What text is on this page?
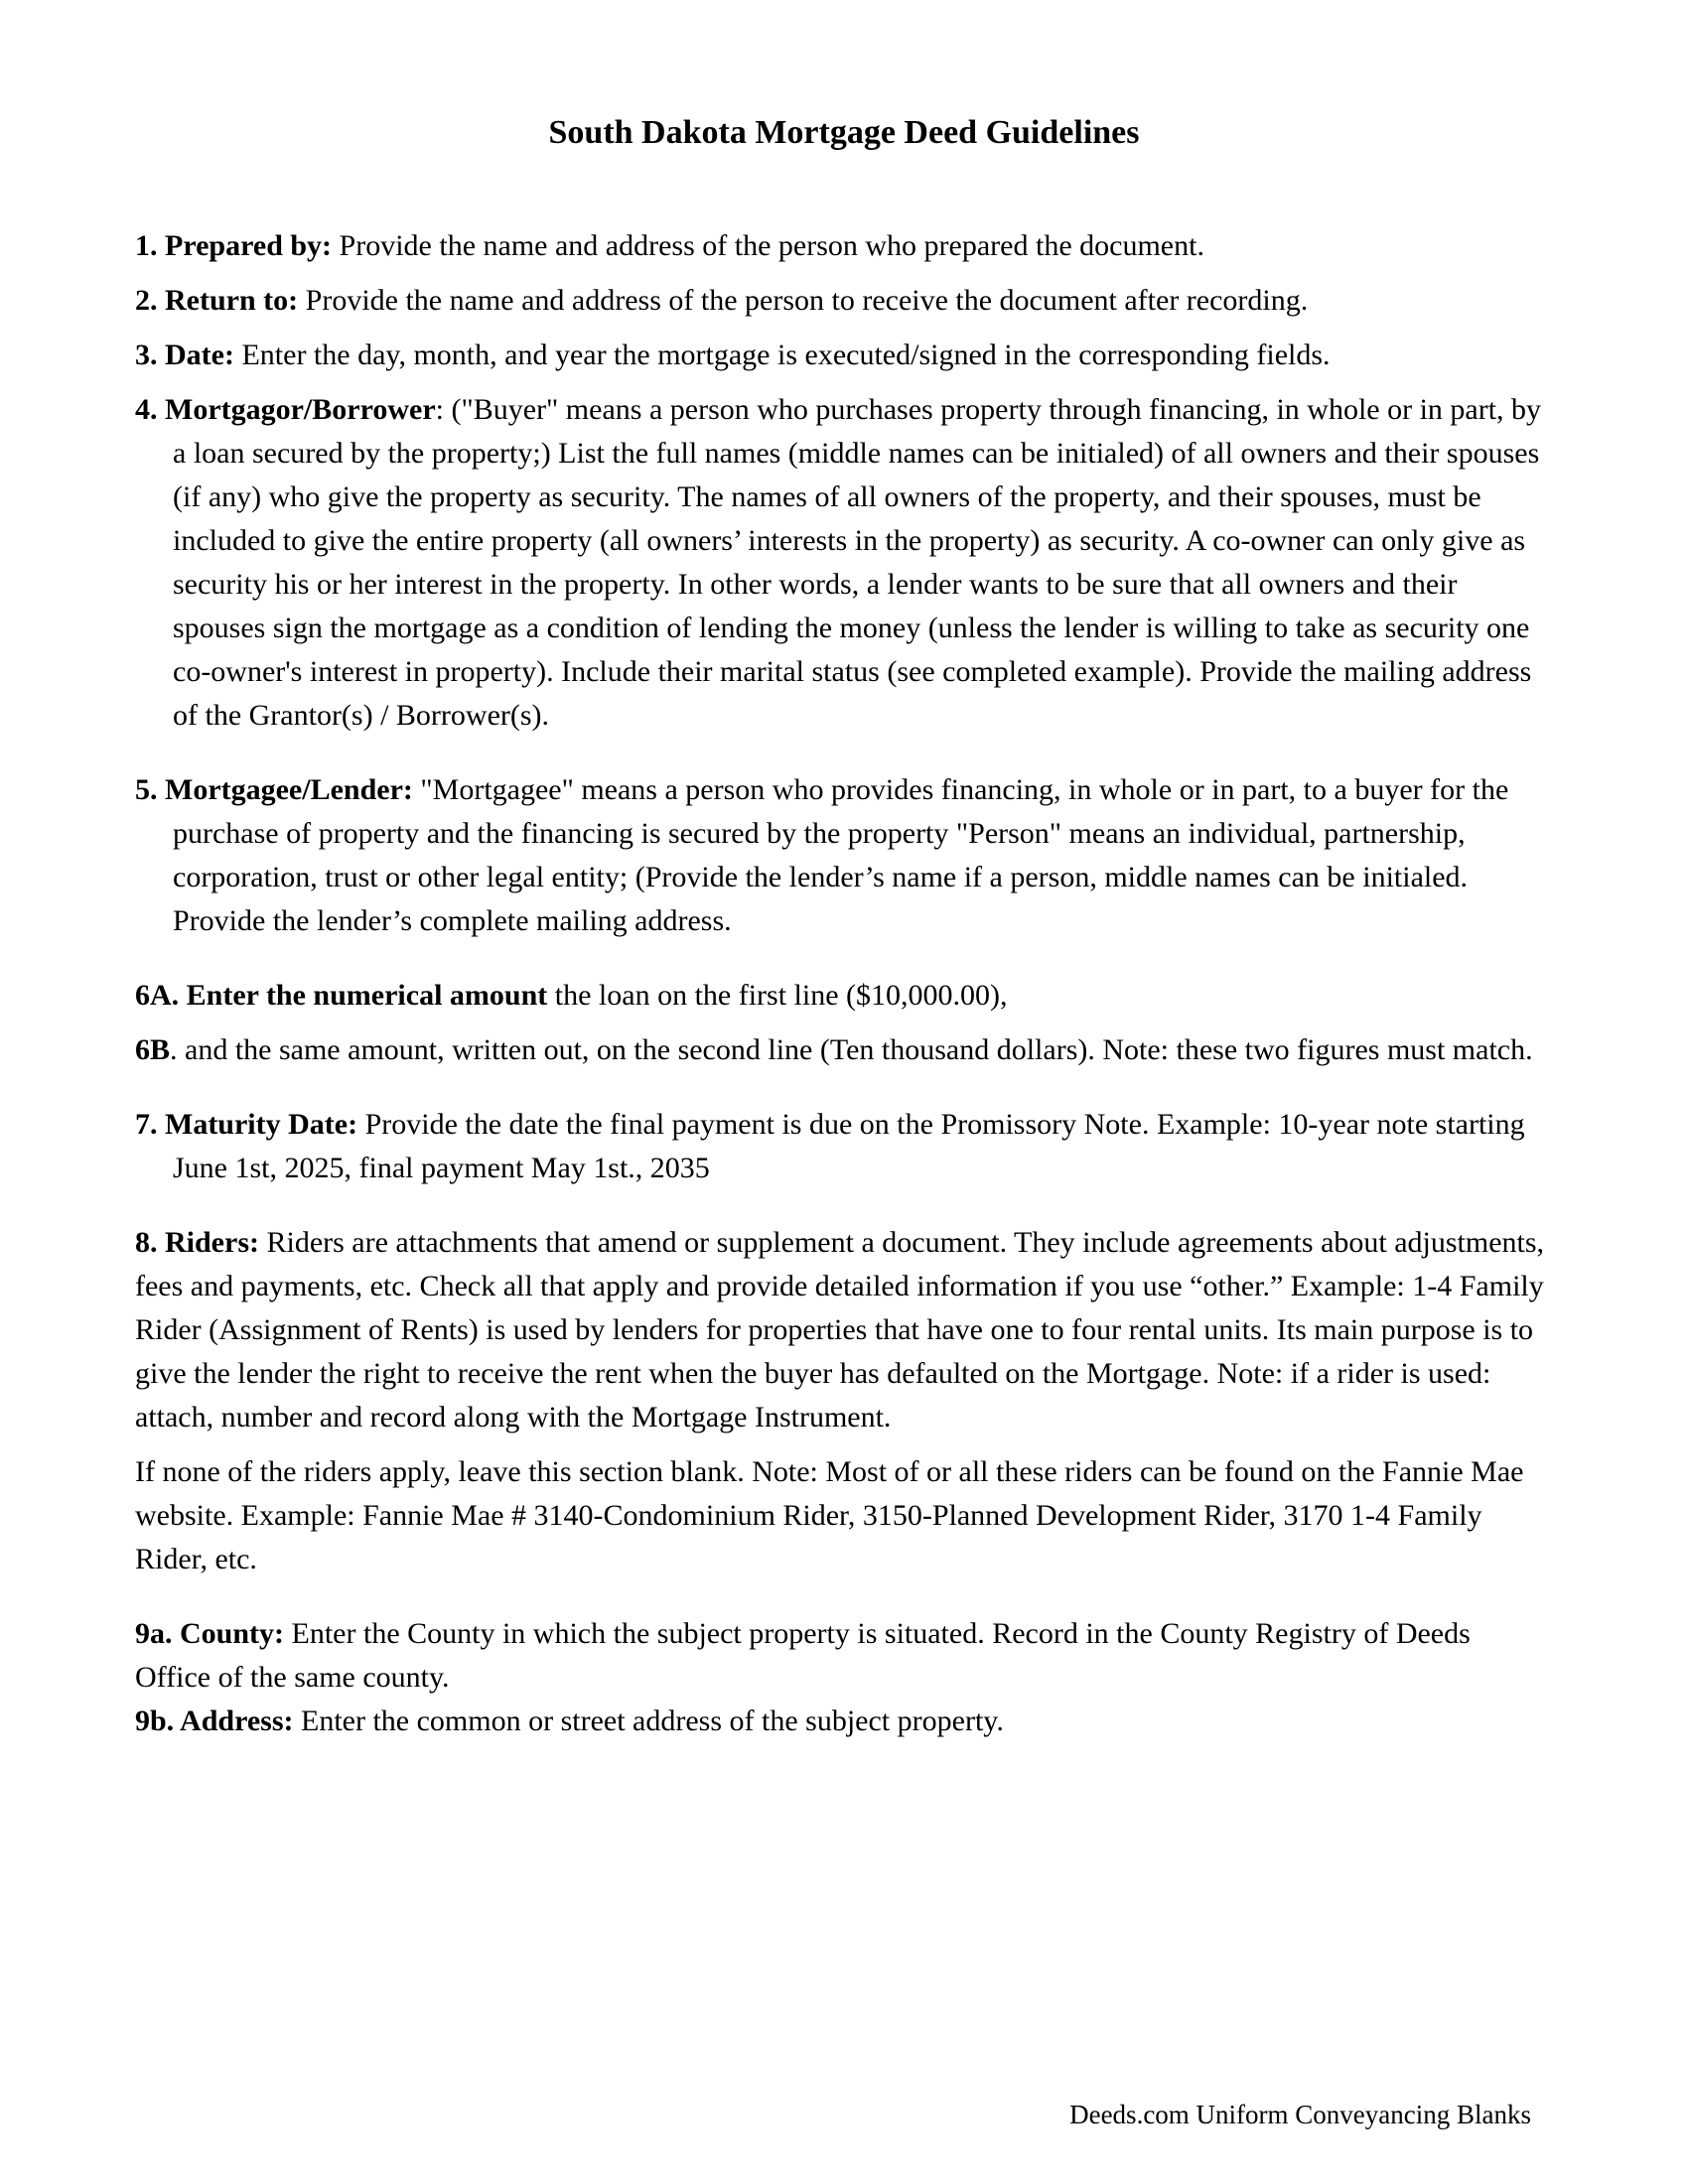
South Dakota Mortgage Deed Guidelines

1. Prepared by: Provide the name and address of the person who prepared the document.

2. Return to: Provide the name and address of the person to receive the document after recording.

3. Date: Enter the day, month, and year the mortgage is executed/signed in the corresponding fields.

4. Mortgagor/Borrower: ("Buyer" means a person who purchases property through financing, in whole or in part, by a loan secured by the property;) List the full names (middle names can be initialed) of all owners and their spouses (if any) who give the property as security. The names of all owners of the property, and their spouses, must be included to give the entire property (all owners’ interests in the property) as security. A co-owner can only give as security his or her interest in the property. In other words, a lender wants to be sure that all owners and their spouses sign the mortgage as a condition of lending the money (unless the lender is willing to take as security one co-owner's interest in property). Include their marital status (see completed example). Provide the mailing address of the Grantor(s) / Borrower(s).

5. Mortgagee/Lender: "Mortgagee" means a person who provides financing, in whole or in part, to a buyer for the purchase of property and the financing is secured by the property "Person" means an individual, partnership, corporation, trust or other legal entity; (Provide the lender’s name if a person, middle names can be initialed. Provide the lender’s complete mailing address.

6A. Enter the numerical amount the loan on the first line ($10,000.00),

6B. and the same amount, written out, on the second line (Ten thousand dollars). Note: these two figures must match.

7. Maturity Date: Provide the date the final payment is due on the Promissory Note. Example: 10-year note starting June 1st, 2025, final payment May 1st., 2035

8. Riders: Riders are attachments that amend or supplement a document. They include agreements about adjustments, fees and payments, etc. Check all that apply and provide detailed information if you use “other.” Example: 1-4 Family Rider (Assignment of Rents) is used by lenders for properties that have one to four rental units. Its main purpose is to give the lender the right to receive the rent when the buyer has defaulted on the Mortgage. Note: if a rider is used: attach, number and record along with the Mortgage Instrument.

If none of the riders apply, leave this section blank. Note: Most of or all these riders can be found on the Fannie Mae website. Example: Fannie Mae # 3140-Condominium Rider, 3150-Planned Development Rider, 3170 1-4 Family Rider, etc.

9a. County: Enter the County in which the subject property is situated. Record in the County Registry of Deeds Office of the same county.

9b. Address: Enter the common or street address of the subject property.

Deeds.com Uniform Conveyancing Blanks
